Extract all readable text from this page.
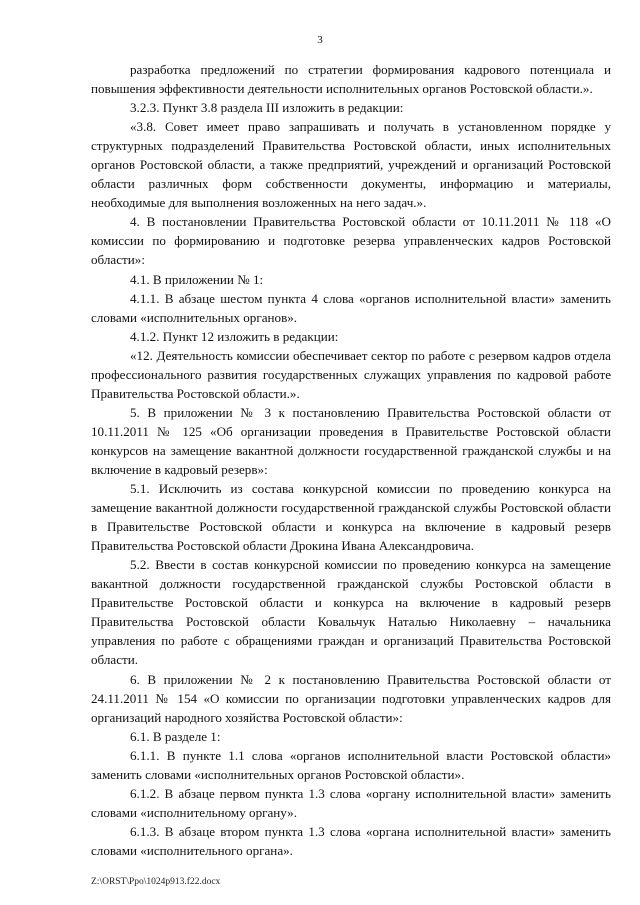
3

разработка предложений по стратегии формирования кадрового потенциала и повышения эффективности деятельности исполнительных органов Ростовской области.».

3.2.3. Пункт 3.8 раздела III изложить в редакции:

«3.8. Совет имеет право запрашивать и получать в установленном порядке у структурных подразделений Правительства Ростовской области, иных исполнительных органов Ростовской области, а также предприятий, учреждений и организаций Ростовской области различных форм собственности документы, информацию и материалы, необходимые для выполнения возложенных на него задач.».

4. В постановлении Правительства Ростовской области от 10.11.2011 № 118 «О комиссии по формированию и подготовке резерва управленческих кадров Ростовской области»:

4.1. В приложении № 1:

4.1.1. В абзаце шестом пункта 4 слова «органов исполнительной власти» заменить словами «исполнительных органов».

4.1.2. Пункт 12 изложить в редакции:

«12. Деятельность комиссии обеспечивает сектор по работе с резервом кадров отдела профессионального развития государственных служащих управления по кадровой работе Правительства Ростовской области.».

5. В приложении № 3 к постановлению Правительства Ростовской области от 10.11.2011 № 125 «Об организации проведения в Правительстве Ростовской области конкурсов на замещение вакантной должности государственной гражданской службы и на включение в кадровый резерв»:

5.1. Исключить из состава конкурсной комиссии по проведению конкурса на замещение вакантной должности государственной гражданской службы Ростовской области в Правительстве Ростовской области и конкурса на включение в кадровый резерв Правительства Ростовской области Дрокина Ивана Александровича.

5.2. Ввести в состав конкурсной комиссии по проведению конкурса на замещение вакантной должности государственной гражданской службы Ростовской области в Правительстве Ростовской области и конкурса на включение в кадровый резерв Правительства Ростовской области Ковальчук Наталью Николаевну – начальника управления по работе с обращениями граждан и организаций Правительства Ростовской области.

6. В приложении № 2 к постановлению Правительства Ростовской области от 24.11.2011 № 154 «О комиссии по организации подготовки управленческих кадров для организаций народного хозяйства Ростовской области»:

6.1. В разделе 1:

6.1.1. В пункте 1.1 слова «органов исполнительной власти Ростовской области» заменить словами «исполнительных органов Ростовской области».

6.1.2. В абзаце первом пункта 1.3 слова «органу исполнительной власти» заменить словами «исполнительному органу».

6.1.3. В абзаце втором пункта 1.3 слова «органа исполнительной власти» заменить словами «исполнительного органа».

Z:\ORST\Ppo\1024p913.f22.docx
